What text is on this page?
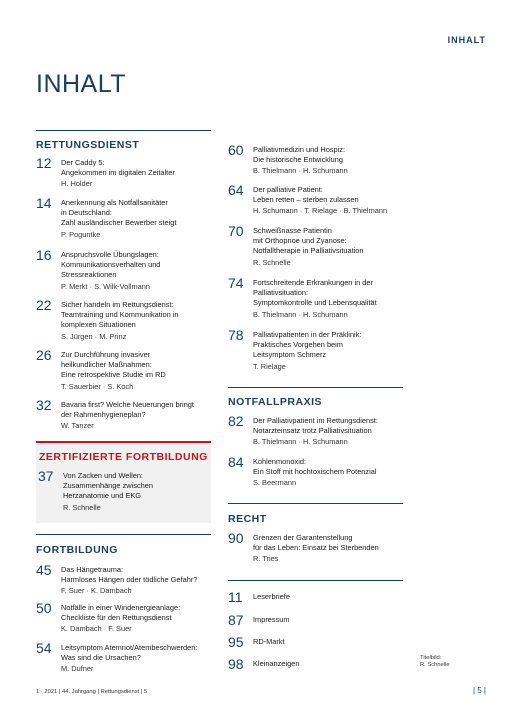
INHALT
INHALT
RETTUNGSDIENST
12	Der Caddy 5:
Angekommen im digitalen Zeitalter
H. Holder
14	Anerkennung als Notfallsanitäter
in Deutschland:
Zahl ausländischer Bewerber steigt
P. Poguntke
16	Anspruchsvolle Übungslagen:
Kommunikationsverhalten und
Stressreaktionen
P. Merkt · S. Wilk-Vollmann
22	Sicher handeln im Rettungsdienst:
Teamtraining und Kommunikation in
komplexen Situationen
S. Jürgen · M. Prinz
26	Zur Durchführung invasiver
heilkundlicher Maßnahmen:
Eine retrospektive Studie im RD
T. Sauerbier · S. Koch
32	Bavaria first? Welche Neuerungen bringt
der Rahmenhygieneplan?
W. Tanzer
ZERTIFIZIERTE FORTBILDUNG
37	Von Zacken und Wellen:
Zusammenhänge zwischen
Herzanatomie und EKG
R. Schnelle
FORTBILDUNG
45	Das Hängetrauma:
Harmloses Hängen oder tödliche Gefahr?
F. Suer · K. Dambach
50	Notfälle in einer Windenergieanlage:
Checkliste für den Rettungsdienst
K. Dambach · F. Suer
54	Leitsymptom Atemnot/Atembeschwerden:
Was sind die Ursachen?
M. Dufner
60	Palliativmedizin und Hospiz:
Die historische Entwicklung
B. Thielmann · H. Schumann
64	Der palliative Patient:
Leben retten – sterben zulassen
H. Schumann · T. Rielage · B. Thielmann
70	Schweißnasse Patientin
mit Orthopnoe und Zyanose:
Notfalltherapie in Palliativsituation
R. Schnelle
74	Fortschreitende Erkrankungen in der
Palliativsituation:
Symptomkontrolle und Lebensqualität
B. Thielmann · H. Schumann
78	Palliativpatienten in der Präklinik:
Praktisches Vorgehen beim
Leitsymptom Schmerz
T. Rielage
NOTFALLPRAXIS
82	Der Palliativpatient im Rettungsdienst:
Notarzteinsatz trotz Palliativsituation
B. Thielmann · H. Schumann
84	Kohlenmonoxid:
Ein Stoff mit hochtoxischem Potenzial
S. Beermann
RECHT
90	Grenzen der Garantenstellung
für das Leben: Einsatz bei Sterbenden
R. Tries
11	Leserbriefe
87	Impressum
95	RD-Markt
98	Kleinanzeigen
Titelbild:
R. Schnelle
1 · 2021 | 44. Jahrgang | Rettungsdienst | 5	| 5 |
